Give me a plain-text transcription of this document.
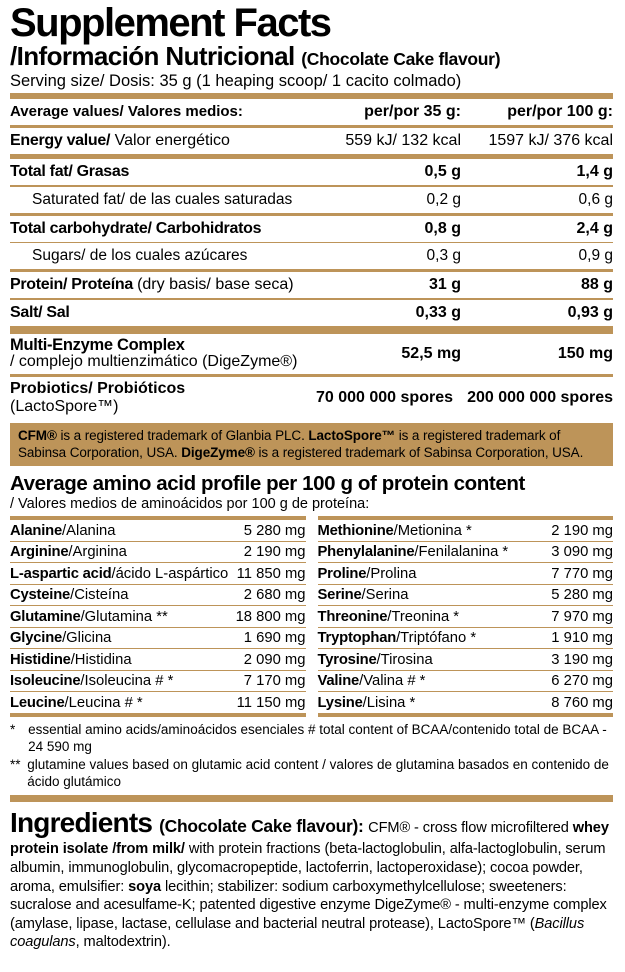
Supplement Facts
/Información Nutricional (Chocolate Cake flavour)
Serving size/ Dosis: 35 g (1 heaping scoop/ 1 cacito colmado)
Average values/ Valores medios:	per/por 35 g:	per/por 100 g:
Energy value/ Valor energético	559 kJ/ 132 kcal	1597 kJ/ 376 kcal
Total fat/ Grasas	0,5 g	1,4 g
Saturated fat/ de las cuales saturadas	0,2 g	0,6 g
Total carbohydrate/ Carbohidratos	0,8 g	2,4 g
Sugars/ de los cuales azúcares	0,3 g	0,9 g
Protein/ Proteína (dry basis/ base seca)	31 g	88 g
Salt/ Sal	0,33 g	0,93 g
Multi-Enzyme Complex
/ complejo multienzimático (DigeZyme®)	52,5 mg	150 mg
Probiotics/ Probióticos (LactoSpore™)
70 000 000 spores 200 000 000 spores
CFM® is a registered trademark of Glanbia PLC. LactoSpore™ is a registered trademark of Sabinsa Corporation, USA. DigeZyme® is a registered trademark of Sabinsa Corporation, USA.
Average amino acid profile per 100 g of protein content
/ Valores medios de aminoácidos por 100 g de proteína:
Alanine/Alanina	5 280 mg
Arginine/Arginina	2 190 mg
L-aspartic acid/ácido L-aspártico 11 850 mg
Cysteine/Cisteína	2 680 mg
Glutamine/Glutamina **	18 800 mg
Glycine/Glicina	1 690 mg
Histidine/Histidina	2 090 mg
Isoleucine/Isoleucina # *	7 170 mg
Leucine/Leucina # *	11 150 mg
Methionine/Metionina *	2 190 mg
Phenylalanine/Fenilalanina *	3 090 mg
Proline/Prolina	7 770 mg
Serine/Serina	5 280 mg
Threonine/Treonina *	7 970 mg
Tryptophan/Triptófano *	1 910 mg
Tyrosine/Tirosina	3 190 mg
Valine/Valina # *	6 270 mg
Lysine/Lisina *	8 760 mg
* essential amino acids/aminoácidos esenciales # total content of BCAA/contenido total de BCAA - 24 590 mg
** glutamine values based on glutamic acid content / valores de glutamina basados en contenido de ácido glutámico

Ingredients (Chocolate Cake flavour): CFM® - cross flow microfiltered whey protein isolate /from milk/ with protein fractions (beta-lactoglobulin, alfa-lactoglobulin, serum albumin, immunoglobulin, glycomacropeptide, lactoferrin, lactoperoxidase); cocoa powder, aroma, emulsifier: soya lecithin; stabilizer: sodium carboxymethylcellulose; sweeteners: sucralose and acesulfame-K; patented digestive enzyme DigeZyme® - multi-enzyme complex (amylase, lipase, lactase, cellulase and bacterial neutral protease), LactoSpore™ (Bacillus coagulans, maltodextrin).
